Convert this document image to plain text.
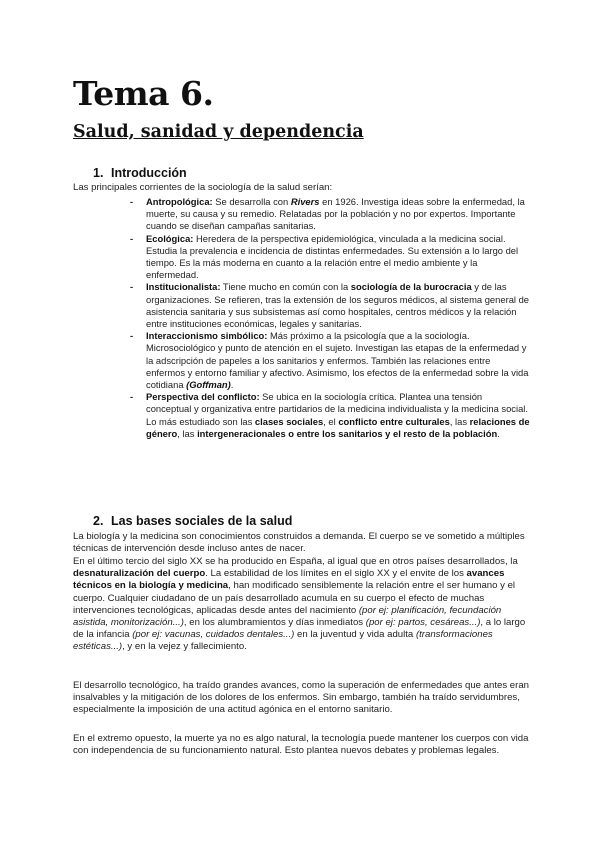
Tema 6.
Salud, sanidad y dependencia
1. Introducción

Las principales corrientes de la sociología de la salud serían:

- Antropológica: Se desarrolla con Rivers en 1926. Investiga ideas sobre la enfermedad, la muerte, su causa y su remedio. Relatadas por la población y no por expertos. Importante cuando se diseñan campañas sanitarias.
- Ecológica: Heredera de la perspectiva epidemiológica, vinculada a la medicina social. Estudia la prevalencia e incidencia de distintas enfermedades. Su extensión a lo largo del tiempo. Es la más moderna en cuanto a la relación entre el medio ambiente y la enfermedad.
- Institucionalista: Tiene mucho en común con la sociología de la burocracia y de las organizaciones. Se refieren, tras la extensión de los seguros médicos, al sistema general de asistencia sanitaria y sus subsistemas así como hospitales, centros médicos y la relación entre instituciones económicas, legales y sanitarias.
- Interaccionismo simbólico: Más próximo a la psicología que a la sociología. Microsociológico y punto de atención en el sujeto. Investigan las etapas de la enfermedad y la adscripción de papeles a los sanitarios y enfermos. También las relaciones entre enfermos y entorno familiar y afectivo. Asimismo, los efectos de la enfermedad sobre la vida cotidiana (Goffman).
- Perspectiva del conflicto: Se ubica en la sociología crítica. Plantea una tensión conceptual y organizativa entre partidarios de la medicina individualista y la medicina social. Lo más estudiado son las clases sociales, el conflicto entre culturales, las relaciones de género, las intergeneracionales o entre los sanitarios y el resto de la población.
2. Las bases sociales de la salud

La biología y la medicina son conocimientos construidos a demanda. El cuerpo se ve sometido a múltiples técnicas de intervención desde incluso antes de nacer.

En el último tercio del siglo XX se ha producido en España, al igual que en otros países desarrollados, la desnaturalización del cuerpo. La estabilidad de los límites en el siglo XX y el envite de los avances técnicos en la biología y medicina, han modificado sensiblemente la relación entre el ser humano y el cuerpo. Cualquier ciudadano de un país desarrollado acumula en su cuerpo el efecto de muchas intervenciones tecnológicas, aplicadas desde antes del nacimiento (por ej: planificación, fecundación asistida, monitorización...), en los alumbramientos y días inmediatos (por ej: partos, cesáreas...), a lo largo de la infancia (por ej: vacunas, cuidados dentales...) en la juventud y vida adulta (transformaciones estéticas...), y en la vejez y fallecimiento.

El desarrollo tecnológico, ha traído grandes avances, como la superación de enfermedades que antes eran insalvables y la mitigación de los dolores de los enfermos. Sin embargo, también ha traído servidumbres, especialmente la imposición de una actitud agónica en el entorno sanitario.

En el extremo opuesto, la muerte ya no es algo natural, la tecnología puede mantener los cuerpos con vida con independencia de su funcionamiento natural. Esto plantea nuevos debates y problemas legales.
